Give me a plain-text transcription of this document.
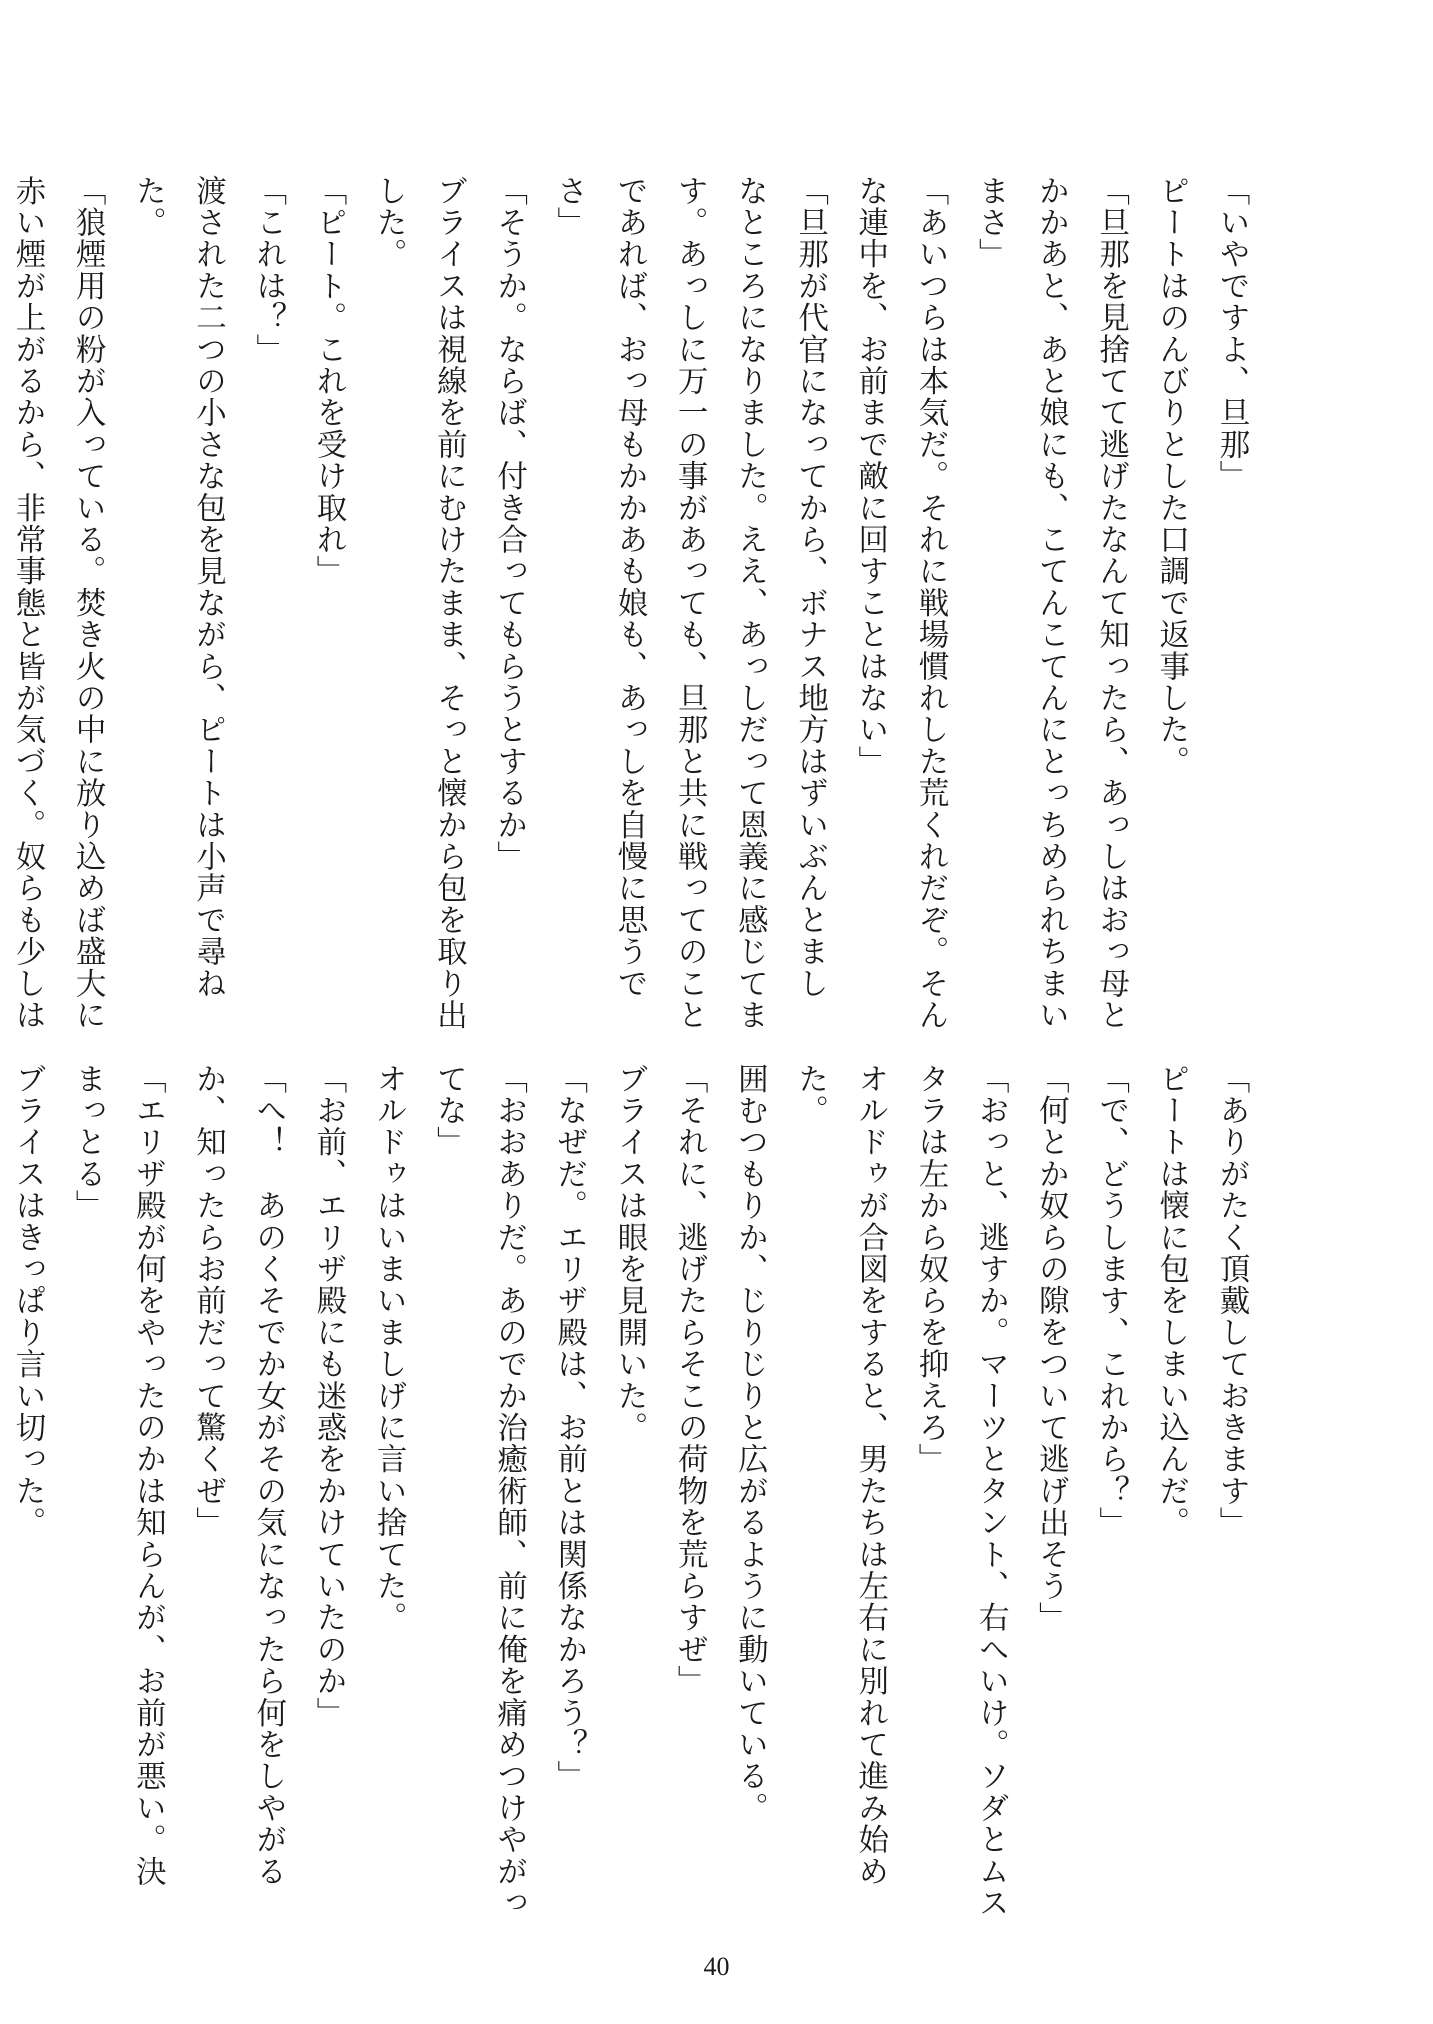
「いやですよ、旦那」
ピートはのんびりとした口調で返事した。
「旦那を見捨てて逃げたなんて知ったら、あっしはおっ母と
かかあと、あと娘にも、こてんこてんにとっちめられちまい
まさ」
「あいつらは本気だ。それに戦場慣れした荒くれだぞ。そん
な連中を、お前まで敵に回すことはない」
「旦那が代官になってから、ボナス地方はずいぶんとまし
なところになりました。ええ、あっしだって恩義に感じてま
す。あっしに万一の事があっても、旦那と共に戦ってのこと
であれば、おっ母もかかあも娘も、あっしを自慢に思うで
さ」
「そうか。ならば、付き合ってもらうとするか」
ブライスは視線を前にむけたまま、そっと懐から包を取り出
した。
「ピート。これを受け取れ」
「これは？」
渡された二つの小さな包を見ながら、ピートは小声で尋ね
た。
「狼煙用の粉が入っている。焚き火の中に放り込めば盛大に
赤い煙が上がるから、非常事態と皆が気づく。奴らも少しは
「ありがたく頂戴しておきます」
ピートは懐に包をしまい込んだ。
「で、どうします、これから？」
「何とか奴らの隙をついて逃げ出そう」
「おっと、逃すか。マーツとタント、右へいけ。ソダとムス
タラは左から奴らを抑えろ」
オルドゥが合図をすると、男たちは左右に別れて進み始め
た。
囲むつもりか、じりじりと広がるように動いている。
「それに、逃げたらそこの荷物を荒らすぜ」
ブライスは眼を見開いた。
「なぜだ。エリザ殿は、お前とは関係なかろう？」
「おおありだ。あのでか治癒術師、前に俺を痛めつけやがっ
てな」
オルドゥはいまいましげに言い捨てた。
「お前、エリザ殿にも迷惑をかけていたのか」
「へ！　あのくそでか女がその気になったら何をしやがる
か、知ったらお前だって驚くぜ」
「エリザ殿が何をやったのかは知らんが、お前が悪い。決
まっとる」
ブライスはきっぱり言い切った。
40
